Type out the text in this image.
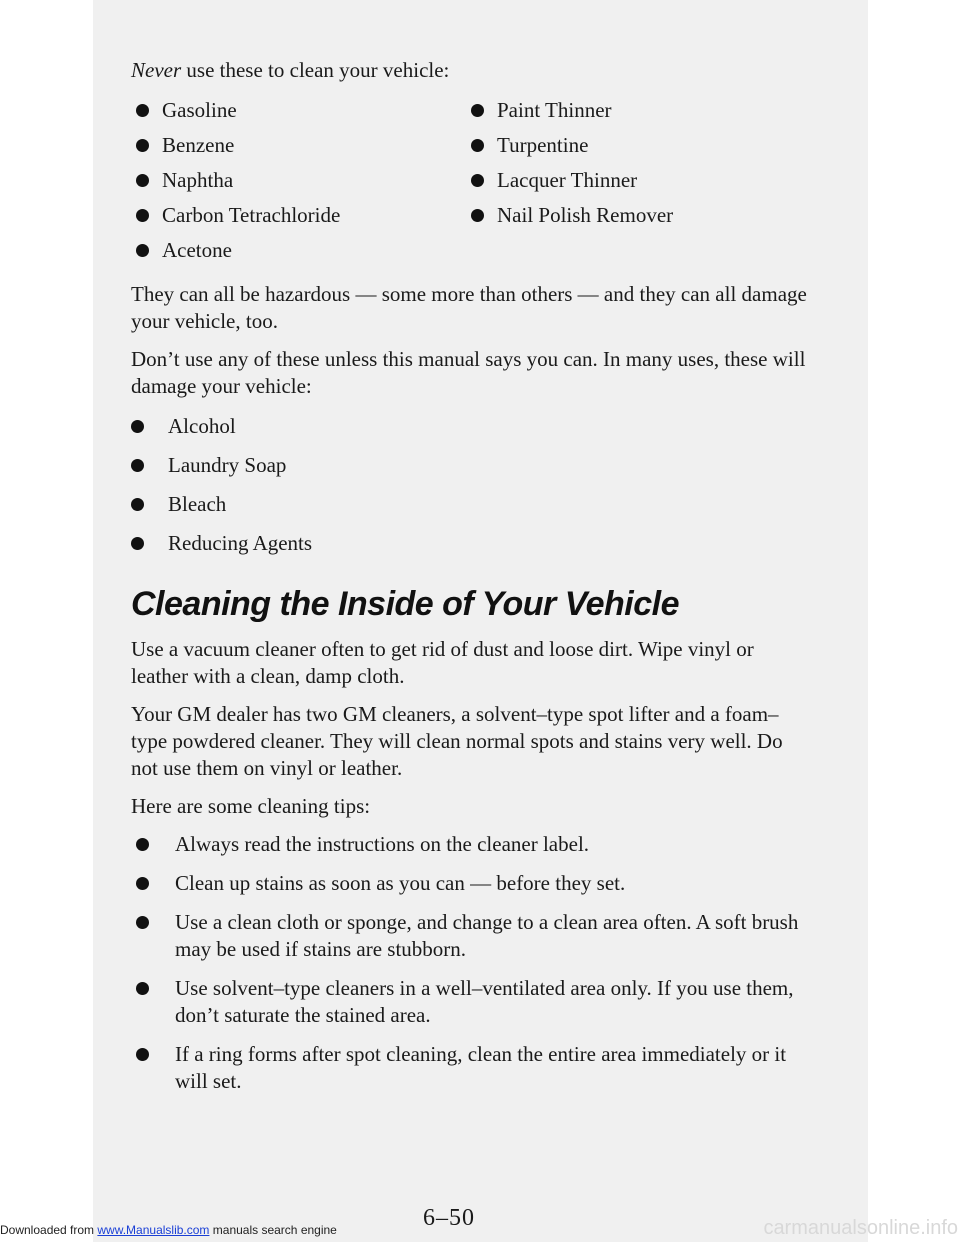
Never use these to clean your vehicle:

Gasoline
Benzene
Naphtha
Carbon Tetrachloride
Acetone
Paint Thinner
Turpentine
Lacquer Thinner
Nail Polish Remover

They can all be hazardous — some more than others — and they can all damage your vehicle, too.

Don’t use any of these unless this manual says you can. In many uses, these will damage your vehicle:

Alcohol
Laundry Soap
Bleach
Reducing Agents
Cleaning the Inside of Your Vehicle

Use a vacuum cleaner often to get rid of dust and loose dirt. Wipe vinyl or leather with a clean, damp cloth.

Your GM dealer has two GM cleaners, a solvent–type spot lifter and a foam–type powdered cleaner. They will clean normal spots and stains very well. Do not use them on vinyl or leather.

Here are some cleaning tips:

Always read the instructions on the cleaner label.
Clean up stains as soon as you can — before they set.
Use a clean cloth or sponge, and change to a clean area often. A soft brush may be used if stains are stubborn.
Use solvent–type cleaners in a well–ventilated area only. If you use them, don’t saturate the stained area.
If a ring forms after spot cleaning, clean the entire area immediately or it will set.
6–50
Downloaded from www.Manualslib.com manuals search engine	carmanualsonline.info
